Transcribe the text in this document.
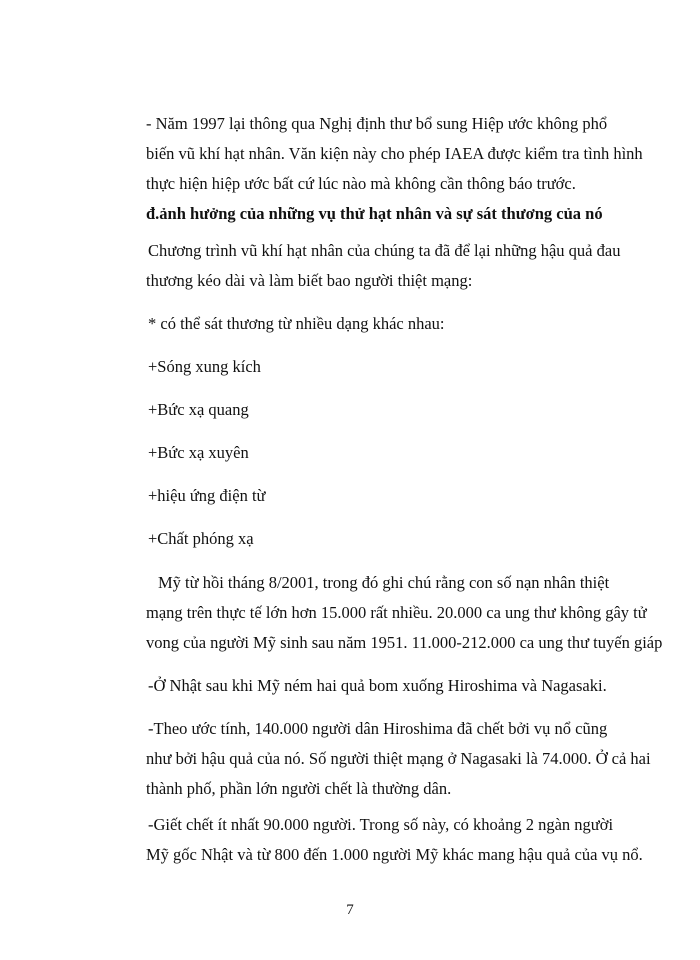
- Năm 1997 lại thông qua Nghị định thư bổ sung Hiệp ước không phổ

biến vũ khí hạt nhân. Văn kiện này cho phép IAEA được kiểm tra tình hình

thực hiện hiệp ước bất cứ lúc nào mà không cần thông báo trước.

đ.ảnh hưởng của những vụ thử hạt nhân và sự sát thương của nó

Chương trình vũ khí hạt nhân của chúng ta đã để lại những hậu quả đau

thương kéo dài và làm biết bao người thiệt mạng:

* có thể sát thương từ nhiều dạng khác nhau:

+Sóng xung kích

+Bức xạ quang

+Bức xạ xuyên

+hiệu ứng điện từ

+Chất phóng xạ

Mỹ từ hồi tháng 8/2001, trong đó ghi chú rằng con số nạn nhân thiệt

mạng trên thực tế lớn hơn 15.000 rất nhiều. 20.000 ca ung thư không gây tử

vong của người Mỹ sinh sau năm 1951. 11.000-212.000 ca ung thư tuyến giáp

-Ở Nhật sau khi Mỹ ném hai quả bom xuống Hiroshima và Nagasaki.

-Theo ước tính, 140.000 người dân Hiroshima đã chết bởi vụ nổ cũng

như bởi hậu quả của nó. Số người thiệt mạng ở Nagasaki là 74.000. Ở cả hai

thành phố, phần lớn người chết là thường dân.

-Giết chết ít nhất 90.000 người. Trong số này, có khoảng 2 ngàn người

Mỹ gốc Nhật và từ 800 đến 1.000 người Mỹ khác mang hậu quả của vụ nổ.

7
